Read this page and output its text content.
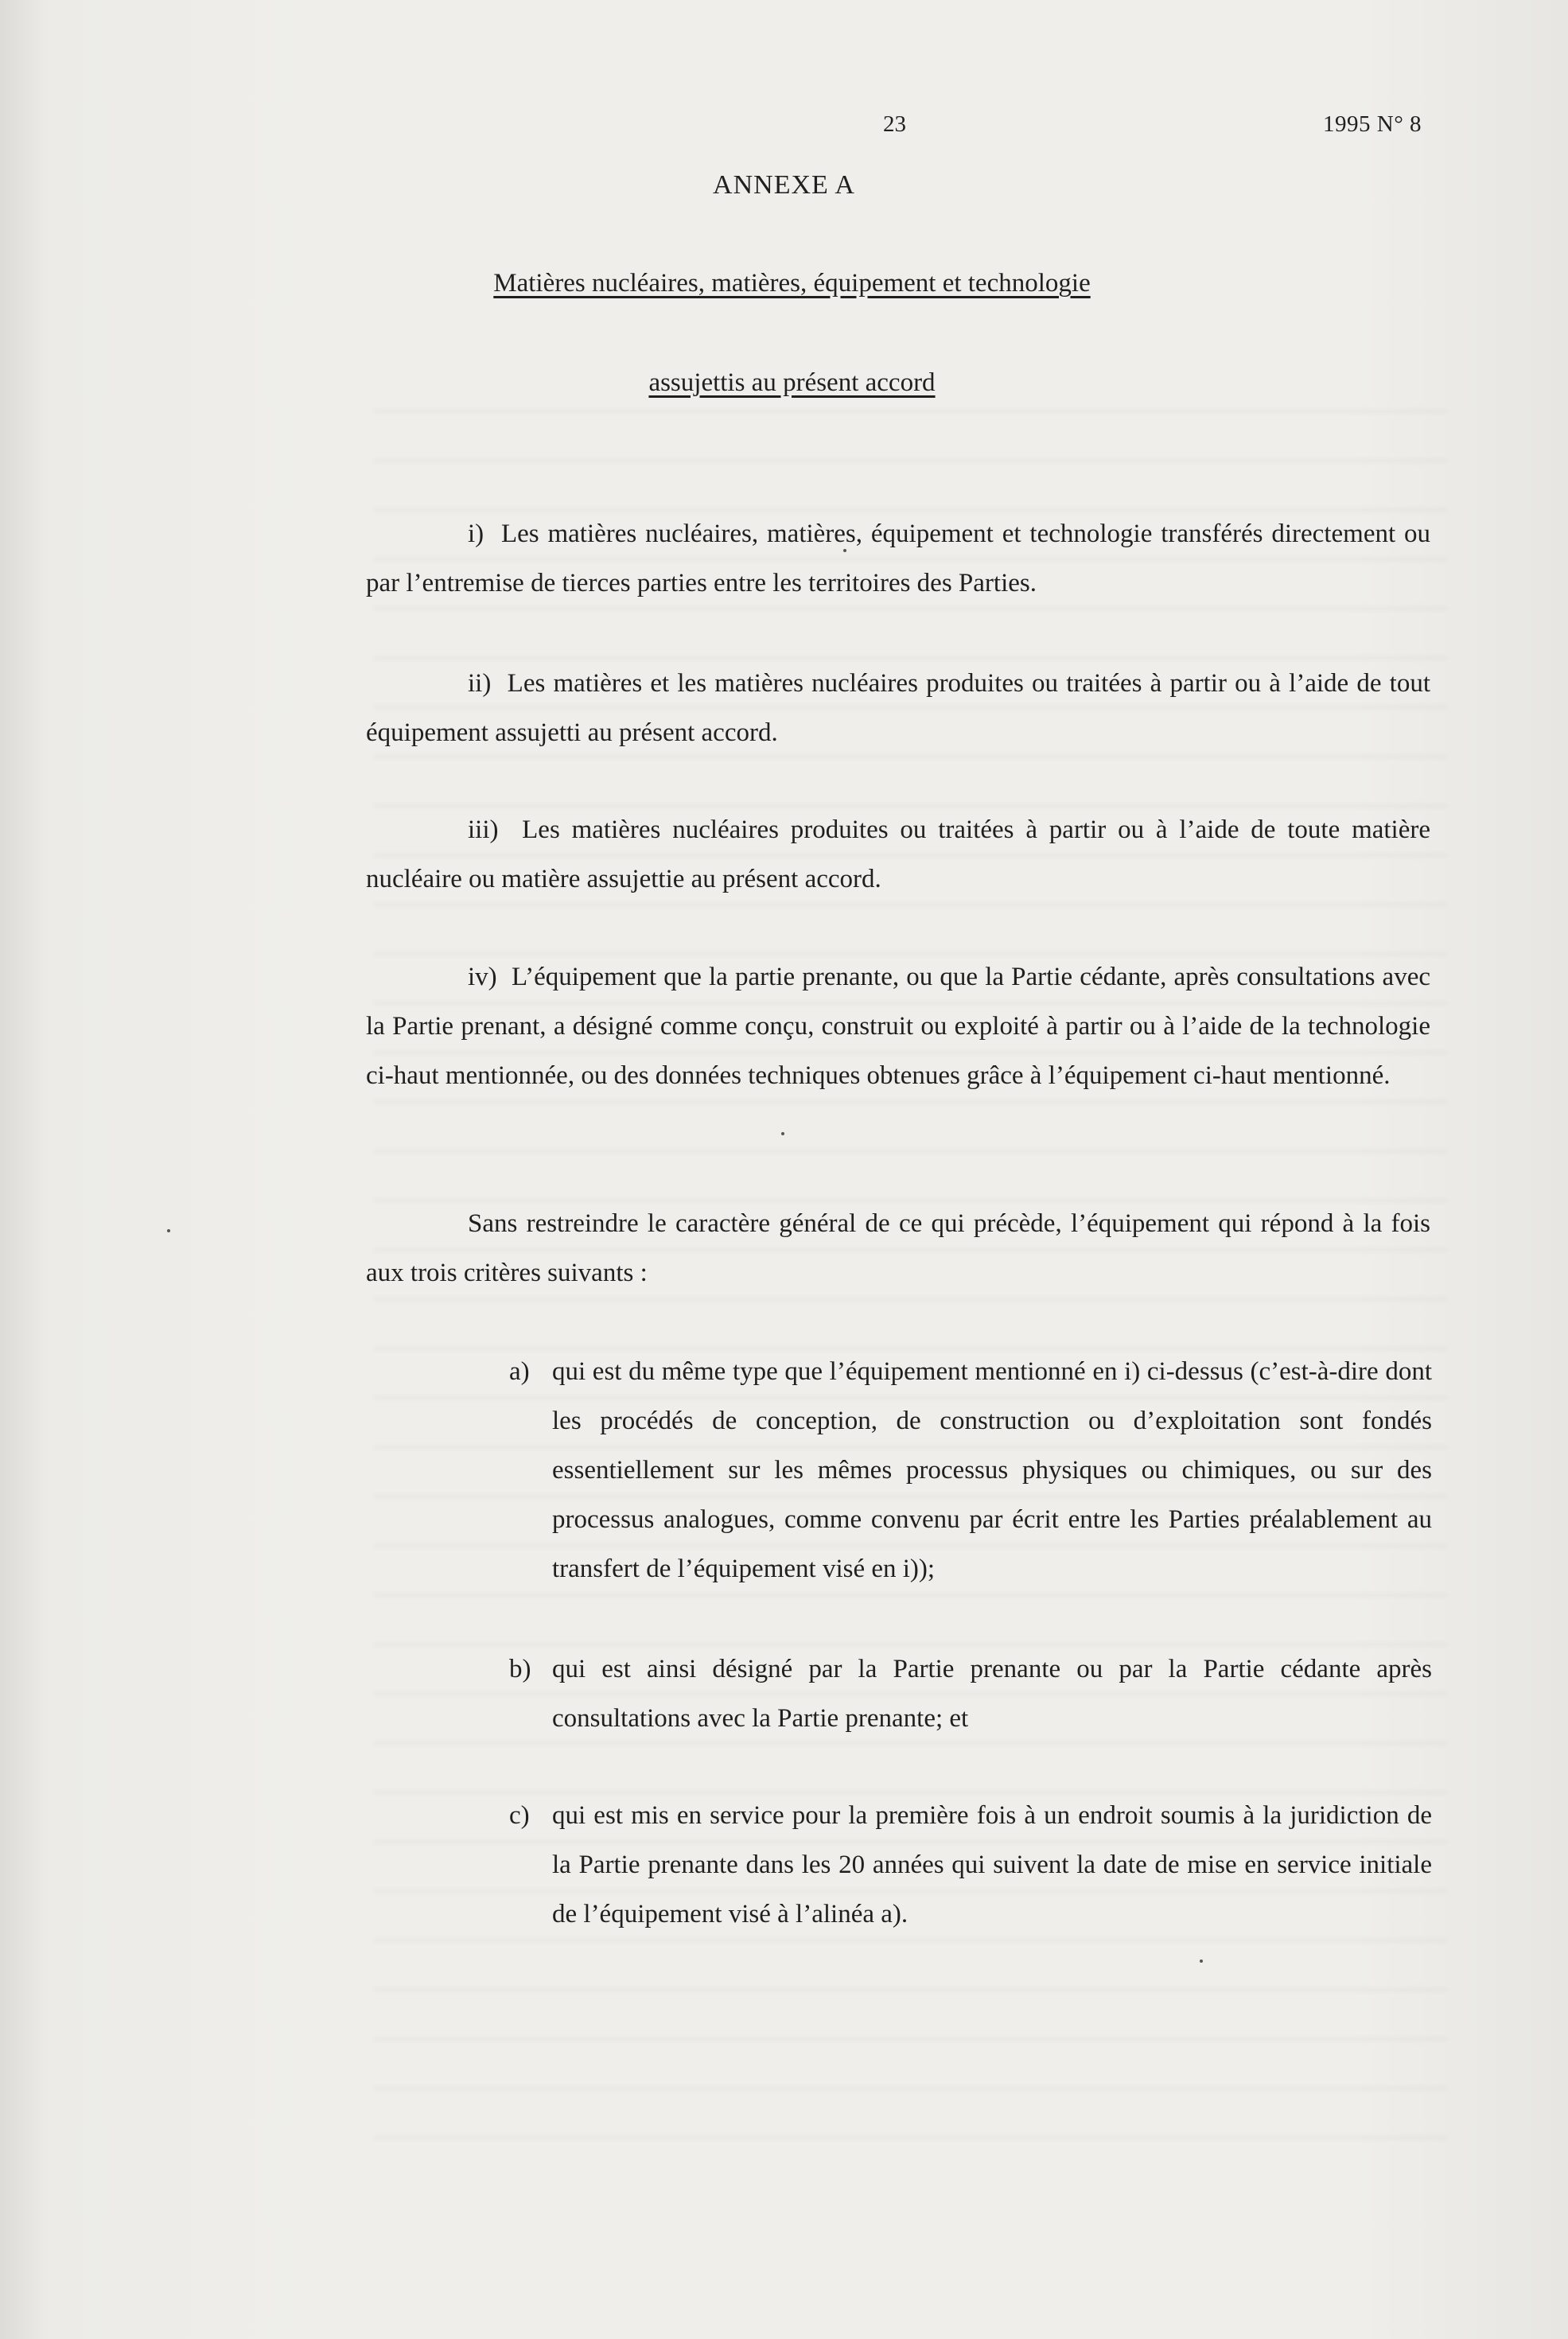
23	1995 N° 8
ANNEXE A
Matières nucléaires, matières, équipement et technologie
assujettis au présent accord
i) Les matières nucléaires, matières, équipement et technologie transférés directement ou par l’entremise de tierces parties entre les territoires des Parties.
ii) Les matières et les matières nucléaires produites ou traitées à partir ou à l’aide de tout équipement assujetti au présent accord.
iii) Les matières nucléaires produites ou traitées à partir ou à l’aide de toute matière nucléaire ou matière assujettie au présent accord.
iv) L’équipement que la partie prenante, ou que la Partie cédante, après consultations avec la Partie prenant, a désigné comme conçu, construit ou exploité à partir ou à l’aide de la technologie ci-haut mentionnée, ou des données techniques obtenues grâce à l’équipement ci-haut mentionné.
Sans restreindre le caractère général de ce qui précède, l’équipement qui répond à la fois aux trois critères suivants :
a) qui est du même type que l’équipement mentionné en i) ci-dessus (c’est-à-dire dont les procédés de conception, de construction ou d’exploitation sont fondés essentiellement sur les mêmes processus physiques ou chimiques, ou sur des processus analogues, comme convenu par écrit entre les Parties préalablement au transfert de l’équipement visé en i));
b) qui est ainsi désigné par la Partie prenante ou par la Partie cédante après consultations avec la Partie prenante; et
c) qui est mis en service pour la première fois à un endroit soumis à la juridiction de la Partie prenante dans les 20 années qui suivent la date de mise en service initiale de l’équipement visé à l’alinéa a).
